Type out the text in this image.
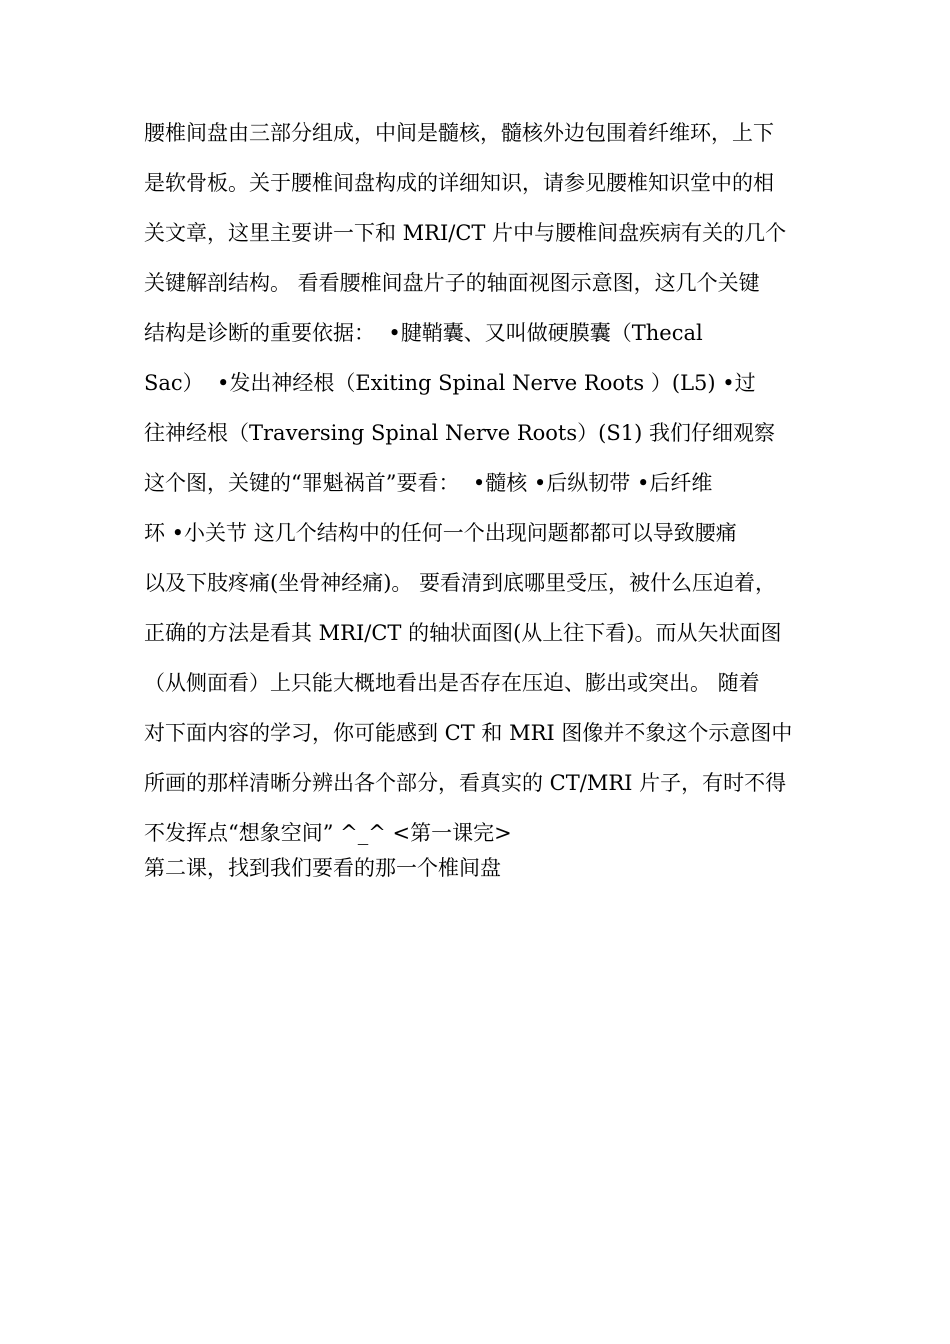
腰椎间盘由三部分组成，中间是髓核，髓核外边包围着纤维环，上下
是软骨板。关于腰椎间盘构成的详细知识，请参见腰椎知识堂中的相
关文章，这里主要讲一下和 MRI/CT 片中与腰椎间盘疾病有关的几个
关键解剖结构。 看看腰椎间盘片子的轴面视图示意图，这几个关键
结构是诊断的重要依据：  •腱鞘囊、又叫做硬膜囊（Thecal
Sac）  •发出神经根（Exiting Spinal Nerve Roots ）(L5) •过
往神经根（Traversing Spinal Nerve Roots）(S1) 我们仔细观察
这个图，关键的“罪魁祸首”要看：  •髓核 •后纵韧带 •后纤维
环 •小关节 这几个结构中的任何一个出现问题都都可以导致腰痛
以及下肢疼痛(坐骨神经痛)。 要看清到底哪里受压，被什么压迫着，
正确的方法是看其 MRI/CT 的轴状面图(从上往下看)。而从矢状面图
（从侧面看）上只能大概地看出是否存在压迫、膨出或突出。 随着
对下面内容的学习，你可能感到 CT 和 MRI 图像并不象这个示意图中
所画的那样清晰分辨出各个部分，看真实的 CT/MRI 片子，有时不得
不发挥点“想象空间” ^_^ <第一课完>
第二课，找到我们要看的那一个椎间盘
